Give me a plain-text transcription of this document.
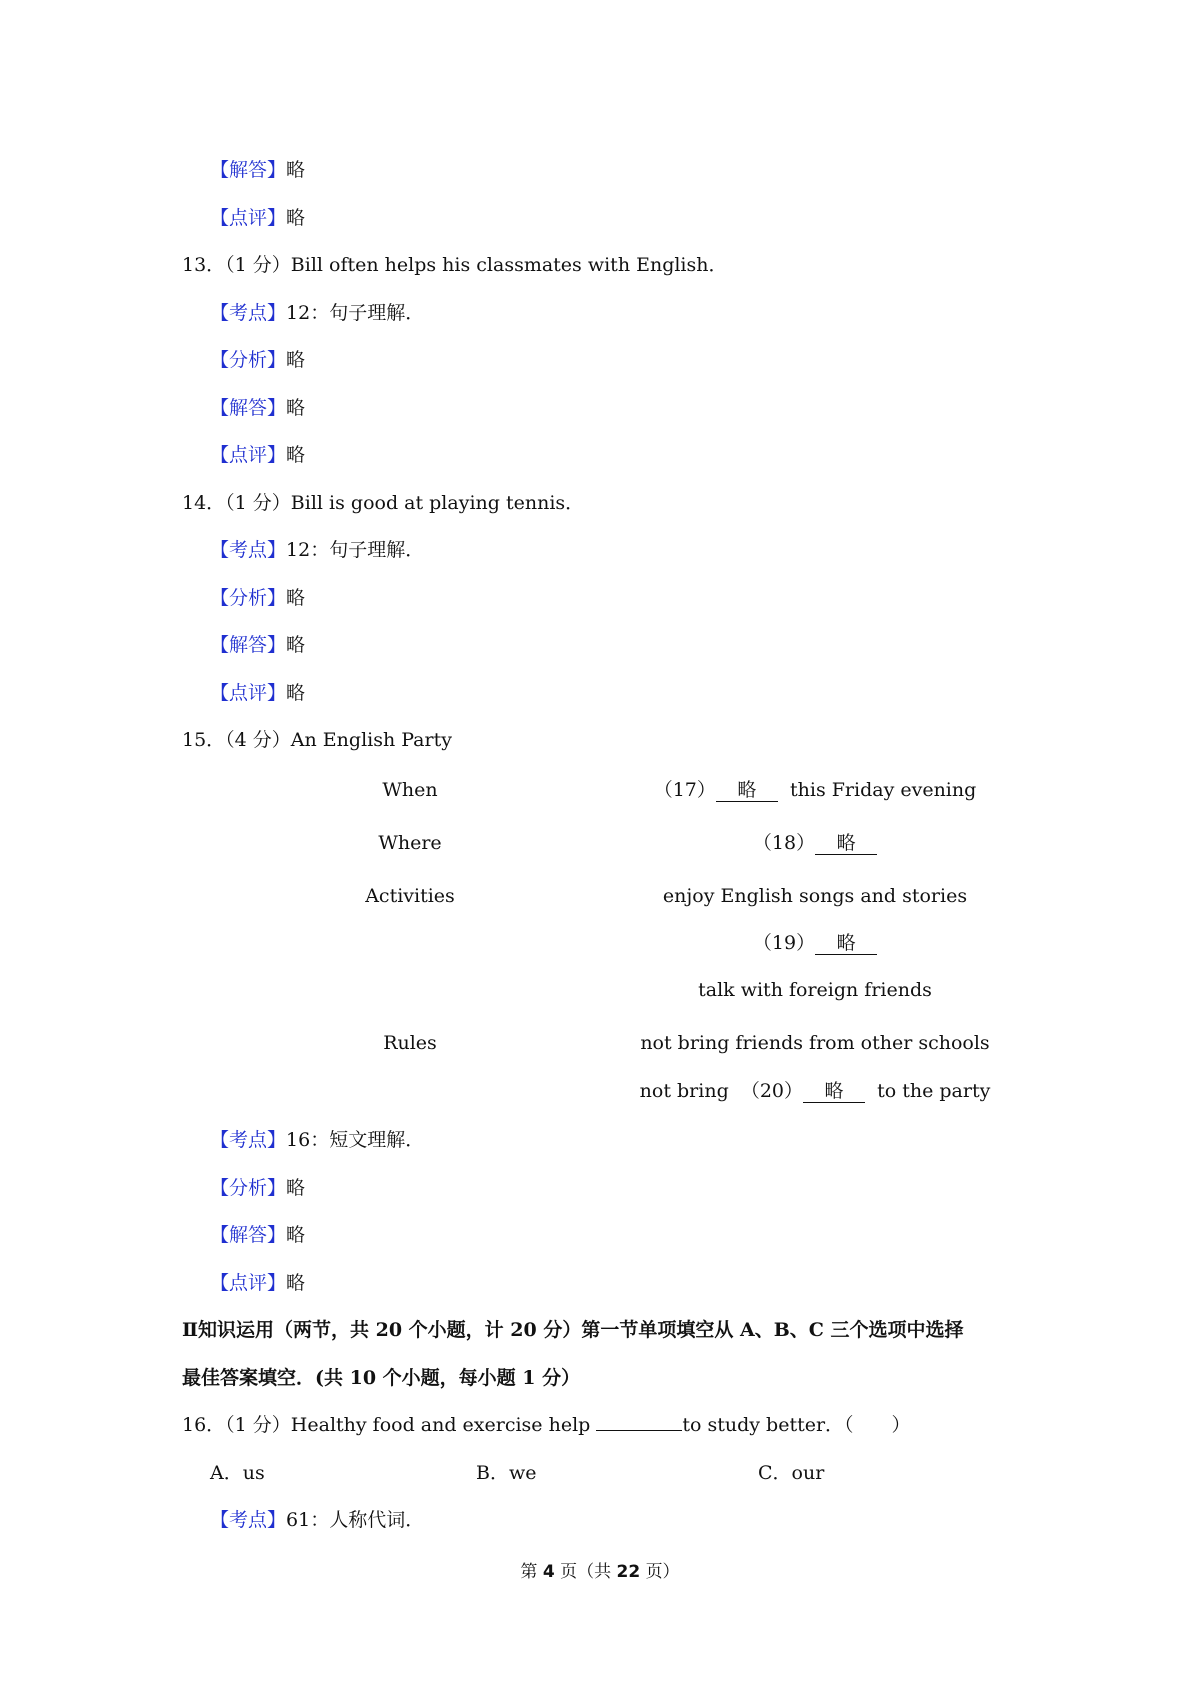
【解答】略
【点评】略
13．（1 分）Bill often helps his classmates with English．
【考点】12：句子理解．
【分析】略
【解答】略
【点评】略
14．（1 分）Bill is good at playing tennis．
【考点】12：句子理解．
【分析】略
【解答】略
【点评】略
15．（4 分）An English Party
When	（17） 略 this Friday evening
Where	（18） 略
Activities	enjoy English songs and stories
（19） 略
talk with foreign friends
Rules	not bring friends from other schools
not bring （20） 略 to the party
【考点】16：短文理解．
【分析】略
【解答】略
【点评】略
Ⅱ知识运用（两节，共 20 个小题，计 20 分）第一节单项填空从 A、B、C 三个选项中选择
最佳答案填空．(共 10 个小题，每小题 1 分）
16．（1 分）Healthy food and exercise help	to study better．（　　）
A．us	B．we	C．our
【考点】61：人称代词．
第 4 页（共 22 页）
